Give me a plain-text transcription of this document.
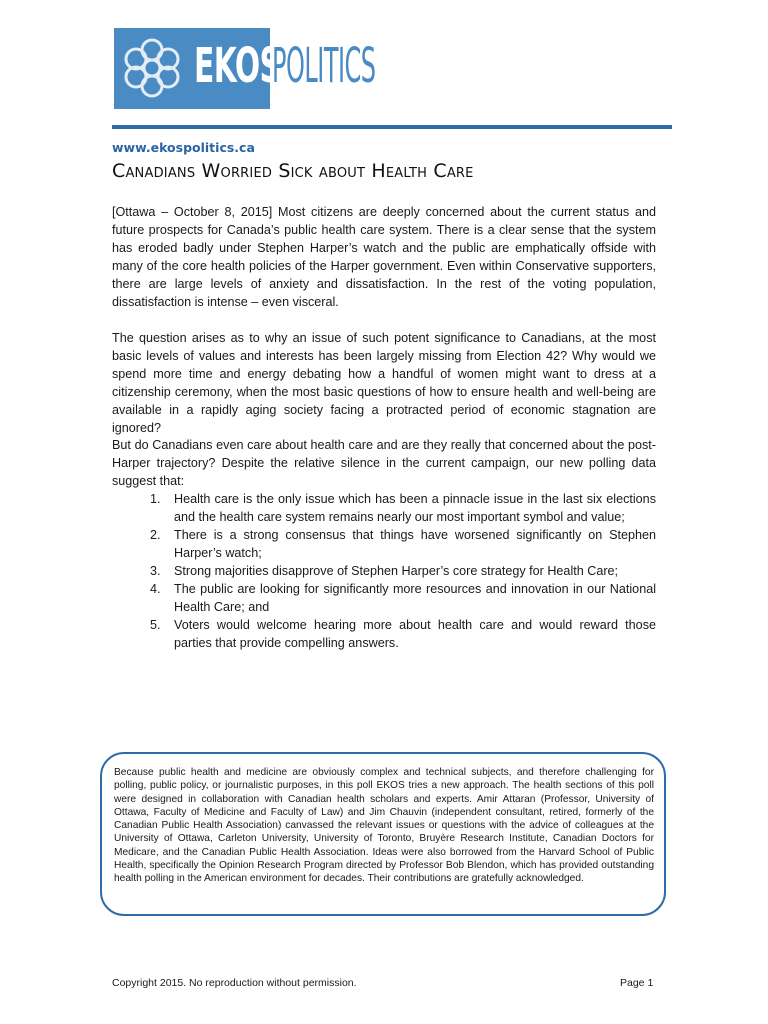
EKOS
POLITICS
www.ekospolitics.ca
Canadians Worried Sick about Health Care

[Ottawa – October 8, 2015] Most citizens are deeply concerned about the current status and future prospects for Canada’s public health care system. There is a clear sense that the system has eroded badly under Stephen Harper’s watch and the public are emphatically offside with many of the core health policies of the Harper government. Even within Conservative supporters, there are large levels of anxiety and dissatisfaction. In the rest of the voting population, dissatisfaction is intense – even visceral.

The question arises as to why an issue of such potent significance to Canadians, at the most basic levels of values and interests has been largely missing from Election 42? Why would we spend more time and energy debating how a handful of women might want to dress at a citizenship ceremony, when the most basic questions of how to ensure health and well-being are available in a rapidly aging society facing a protracted period of economic stagnation are ignored?

But do Canadians even care about health care and are they really that concerned about the post-Harper trajectory? Despite the relative silence in the current campaign, our new polling data suggest that:

1. Health care is the only issue which has been a pinnacle issue in the last six elections and the health care system remains nearly our most important symbol and value;
2. There is a strong consensus that things have worsened significantly on Stephen Harper’s watch;
3. Strong majorities disapprove of Stephen Harper’s core strategy for Health Care;
4. The public are looking for significantly more resources and innovation in our National Health Care; and
5. Voters would welcome hearing more about health care and would reward those parties that provide compelling answers.

Because public health and medicine are obviously complex and technical subjects, and therefore challenging for polling, public policy, or journalistic purposes, in this poll EKOS tries a new approach. The health sections of this poll were designed in collaboration with Canadian health scholars and experts. Amir Attaran (Professor, University of Ottawa, Faculty of Medicine and Faculty of Law) and Jim Chauvin (independent consultant, retired, formerly of the Canadian Public Health Association) canvassed the relevant issues or questions with the advice of colleagues at the University of Ottawa, Carleton University, University of Toronto, Bruyère Research Institute, Canadian Doctors for Medicare, and the Canadian Public Health Association. Ideas were also borrowed from the Harvard School of Public Health, specifically the Opinion Research Program directed by Professor Bob Blendon, which has provided outstanding health polling in the American environment for decades. Their contributions are gratefully acknowledged.

Copyright 2015. No reproduction without permission.	Page 1
